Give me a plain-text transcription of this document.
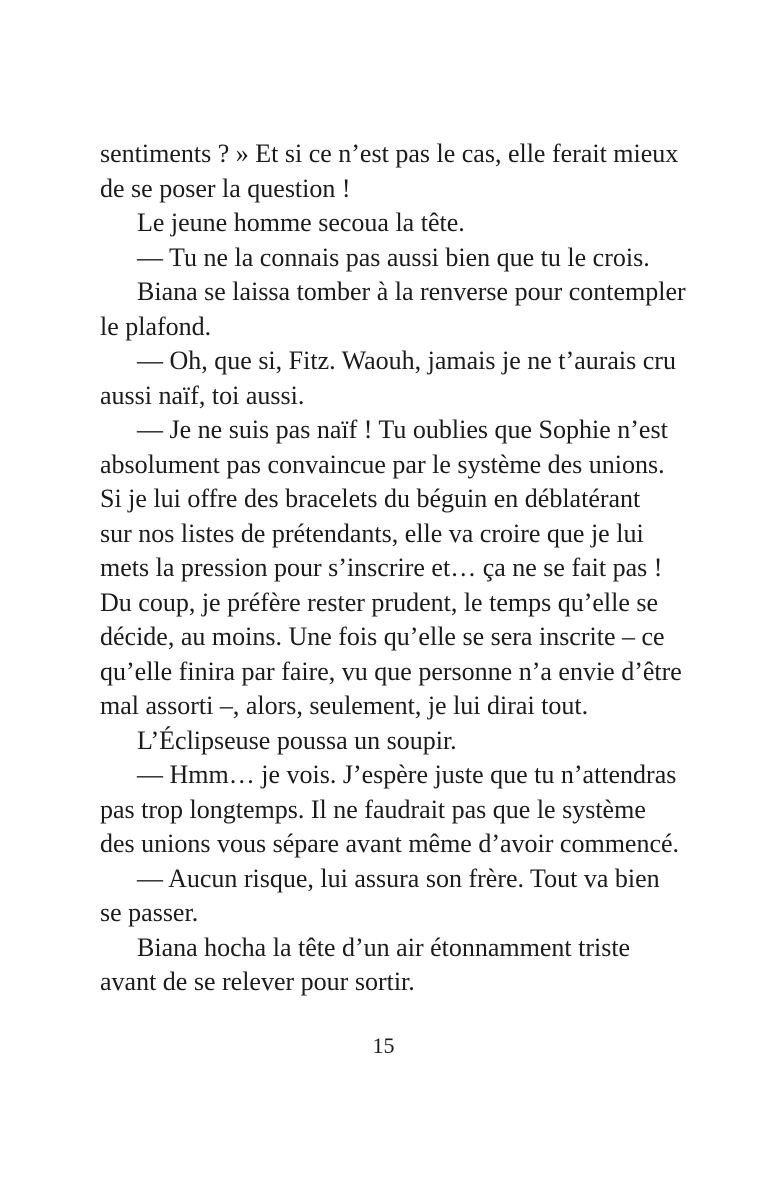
sentiments ? » Et si ce n’est pas le cas, elle ferait mieux
de se poser la question !
Le jeune homme secoua la tête.
— Tu ne la connais pas aussi bien que tu le crois.
Biana se laissa tomber à la renverse pour contempler
le plafond.
— Oh, que si, Fitz. Waouh, jamais je ne t’aurais cru
aussi naïf, toi aussi.
— Je ne suis pas naïf ! Tu oublies que Sophie n’est
absolument pas convaincue par le système des unions.
Si je lui offre des bracelets du béguin en déblatérant
sur nos listes de prétendants, elle va croire que je lui
mets la pression pour s’inscrire et… ça ne se fait pas !
Du coup, je préfère rester prudent, le temps qu’elle se
décide, au moins. Une fois qu’elle se sera inscrite – ce
qu’elle finira par faire, vu que personne n’a envie d’être
mal assorti –, alors, seulement, je lui dirai tout.
L’Éclipseuse poussa un soupir.
— Hmm… je vois. J’espère juste que tu n’attendras
pas trop longtemps. Il ne faudrait pas que le système
des unions vous sépare avant même d’avoir commencé.
— Aucun risque, lui assura son frère. Tout va bien
se passer.
Biana hocha la tête d’un air étonnamment triste
avant de se relever pour sortir.
15
